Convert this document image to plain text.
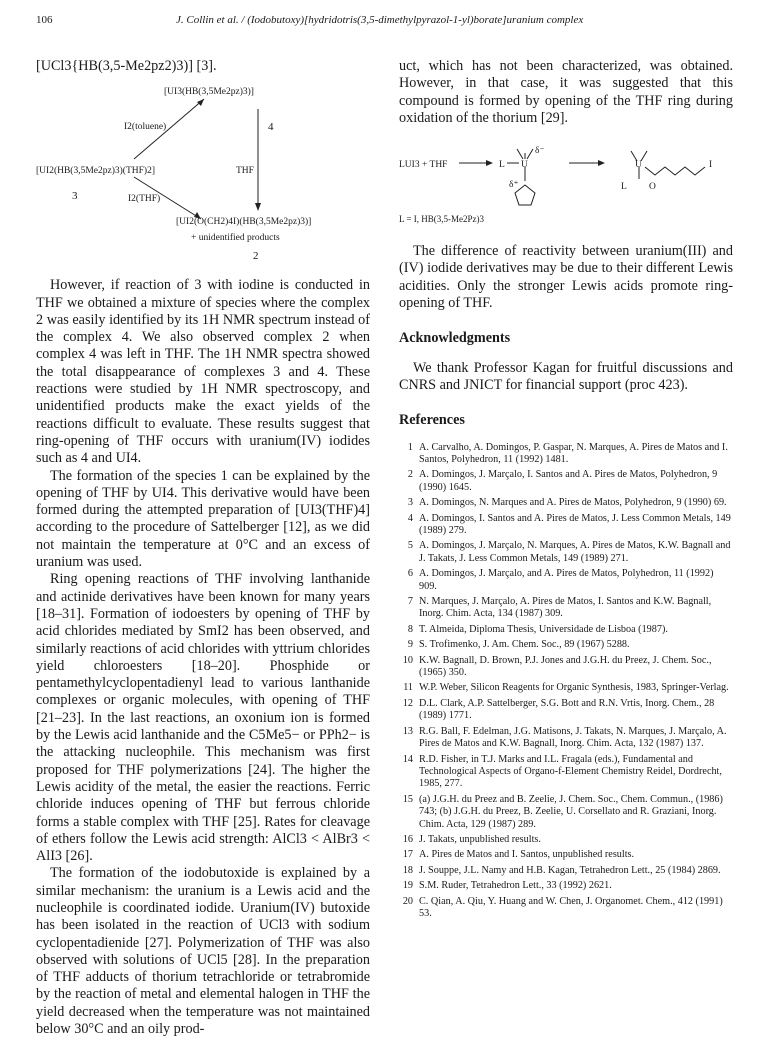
106	J. Collin et al. / (Iodobutoxy)[hydridotris(3,5-dimethylpyrazol-1-yl)borate]uranium complex

[UCl3{HB(3,5-Me2pz2)3)] [3].

[UI3(HB(3,5Me2pz)3)]
I2(toluene)	4
[UI2(HB(3,5Me2pz)3)(THF)2]	THF
3	I2(THF)
[UI2(O(CH2)4I)(HB(3,5Me2pz)3)]
+ unidentified products
2

However, if reaction of 3 with iodine is conducted in THF we obtained a mixture of species where the complex 2 was easily identified by its 1H NMR spectrum instead of the complex 4. We also observed complex 2 when complex 4 was left in THF. The 1H NMR spectra showed the total disappearance of complexes 3 and 4. These reactions were studied by 1H NMR spectroscopy, and unidentified products make the exact yields of the reactions difficult to evaluate. These results suggest that ring-opening of THF occurs with uranium(IV) iodides such as 4 and UI4.

The formation of the species 1 can be explained by the opening of THF by UI4. This derivative would have been formed during the attempted preparation of [UI3(THF)4] according to the procedure of Sattelberger [12], as we did not maintain the temperature at 0°C and an excess of uranium was used.

Ring opening reactions of THF involving lanthanide and actinide derivatives have been known for many years [18–31]. Formation of iodoesters by opening of THF by acid chlorides mediated by SmI2 has been observed, and similarly reactions of acid chlorides with yttrium chlorides yield chloroesters [18–20]. Phosphide or pentamethylcyclopentadienyl lead to various lanthanide complexes or organic molecules, with opening of THF [21–23]. In the last reactions, an oxonium ion is formed by the Lewis acid lanthanide and the C5Me5− or PPh2− is the attacking nucleophile. This mechanism was first proposed for THF polymerizations [24]. The higher the Lewis acidity of the metal, the easier the reactions. Ferric chloride induces opening of THF but ferrous chloride forms a stable complex with THF [25]. Rates for cleavage of ethers follow the Lewis acid strength: AlCl3 < AlBr3 < AlI3 [26].

The formation of the iodobutoxide is explained by a similar mechanism: the uranium is a Lewis acid and the nucleophile is coordinated iodide. Uranium(IV) butoxide has been isolated in the reaction of UCl3 with sodium cyclopentadienide [27]. Polymerization of THF was also observed with solutions of UCl5 [28]. In the preparation of THF adducts of thorium tetrachloride or tetrabromide by the reaction of metal and elemental halogen in THF the yield decreased when the temperature was not maintained below 30°C and an oily prod-

uct, which has not been characterized, was obtained. However, in that case, it was suggested that this compound is formed by opening of the THF ring during oxidation of the thorium [29].

LUI3 + THF	L
δ⁻
U
δ⁺
U
L O
I
L = I, HB(3,5-Me2Pz)3

The difference of reactivity between uranium(III) and (IV) iodide derivatives may be due to their different Lewis acidities. Only the stronger Lewis acids promote ring-opening of THF.

Acknowledgments

We thank Professor Kagan for fruitful discussions and CNRS and JNICT for financial support (proc 423).

References
1 A. Carvalho, A. Domingos, P. Gaspar, N. Marques, A. Pires de Matos and I. Santos, Polyhedron, 11 (1992) 1481.
2 A. Domingos, J. Marçalo, I. Santos and A. Pires de Matos, Polyhedron, 9 (1990) 1645.
3 A. Domingos, N. Marques and A. Pires de Matos, Polyhedron, 9 (1990) 69.
4 A. Domingos, I. Santos and A. Pires de Matos, J. Less Common Metals, 149 (1989) 279.
5 A. Domingos, J. Marçalo, N. Marques, A. Pires de Matos, K.W. Bagnall and J. Takats, J. Less Common Metals, 149 (1989) 271.
6 A. Domingos, J. Marçalo, and A. Pires de Matos, Polyhedron, 11 (1992) 909.
7 N. Marques, J. Marçalo, A. Pires de Matos, I. Santos and K.W. Bagnall, Inorg. Chim. Acta, 134 (1987) 309.
8 T. Almeida, Diploma Thesis, Universidade de Lisboa (1987).
9 S. Trofimenko, J. Am. Chem. Soc., 89 (1967) 5288.
10 K.W. Bagnall, D. Brown, P.J. Jones and J.G.H. du Preez, J. Chem. Soc., (1965) 350.
11 W.P. Weber, Silicon Reagents for Organic Synthesis, 1983, Springer-Verlag.
12 D.L. Clark, A.P. Sattelberger, S.G. Bott and R.N. Vrtis, Inorg. Chem., 28 (1989) 1771.
13 R.G. Ball, F. Edelman, J.G. Matisons, J. Takats, N. Marques, J. Marçalo, A. Pires de Matos and K.W. Bagnall, Inorg. Chim. Acta, 132 (1987) 137.
14 R.D. Fisher, in T.J. Marks and I.L. Fragala (eds.), Fundamental and Technological Aspects of Organo-f-Element Chemistry Reidel, Dordrecht, 1985, 277.
15 (a) J.G.H. du Preez and B. Zeelie, J. Chem. Soc., Chem. Commun., (1986) 743; (b) J.G.H. du Preez, B. Zeelie, U. Corsellato and R. Graziani, Inorg. Chim. Acta, 129 (1987) 289.
16 J. Takats, unpublished results.
17 A. Pires de Matos and I. Santos, unpublished results.
18 J. Souppe, J.L. Namy and H.B. Kagan, Tetrahedron Lett., 25 (1984) 2869.
19 S.M. Ruder, Tetrahedron Lett., 33 (1992) 2621.
20 C. Qian, A. Qiu, Y. Huang and W. Chen, J. Organomet. Chem., 412 (1991) 53.
